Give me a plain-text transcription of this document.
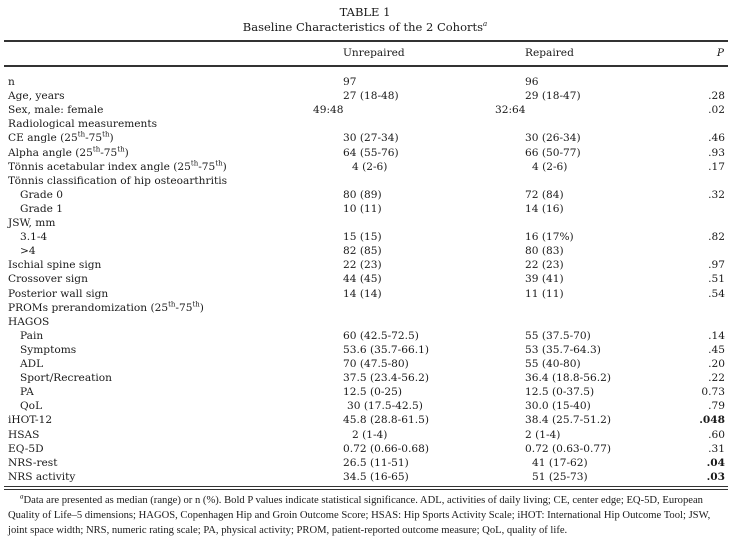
TABLE 1
Baseline Characteristics of the 2 Cohorts$^a$
Unrepaired	Repaired	P
n	97	96
Age, years	27 (18-48)	29 (18-47)	.28
Sex, male: female	49:48	32:64	.02
Radiological measurements
CE angle (25th-75th)	30 (27-34)	30 (26-34)	.46
Alpha angle (25th-75th)	64 (55-76)	66 (50-77)	.93
Tönnis acetabular index angle (25th-75th)	4 (2-6)	4 (2-6)	.17
Tönnis classification of hip osteoarthritis
Grade 0	80 (89)	72 (84)	.32
Grade 1	10 (11)	14 (16)
JSW, mm
3.1-4	15 (15)	16 (17%)	.82
>4	82 (85)	80 (83)
Ischial spine sign	22 (23)	22 (23)	.97
Crossover sign	44 (45)	39 (41)	.51
Posterior wall sign	14 (14)	11 (11)	.54
PROMs prerandomization (25th-75th)
HAGOS
Pain	60 (42.5-72.5)	55 (37.5-70)	.14
Symptoms	53.6 (35.7-66.1)	53 (35.7-64.3)	.45
ADL	70 (47.5-80)	55 (40-80)	.20
Sport/Recreation	37.5 (23.4-56.2)	36.4 (18.8-56.2)	.22
PA	12.5 (0-25)	12.5 (0-37.5)	0.73
QoL	30 (17.5-42.5)	30.0 (15-40)	.79
iHOT-12	45.8 (28.8-61.5)	38.4 (25.7-51.2)	.048
HSAS	2 (1-4)	2 (1-4)	.60
EQ-5D	0.72 (0.66-0.68)	0.72 (0.63-0.77)	.31
NRS-rest	26.5 (11-51)	41 (17-62)	.04
NRS activity	34.5 (16-65)	51 (25-73)	.03
$^a$Data are presented as median (range) or n (%). Bold P values indicate statistical significance. ADL, activities of daily living; CE, center edge; EQ-5D, European Quality of Life–5 dimensions; HAGOS, Copenhagen Hip and Groin Outcome Score; HSAS: Hip Sports Activity Scale; iHOT: International Hip Outcome Tool; JSW, joint space width; NRS, numeric rating scale; PA, physical activity; PROM, patient-reported outcome measure; QoL, quality of life.
